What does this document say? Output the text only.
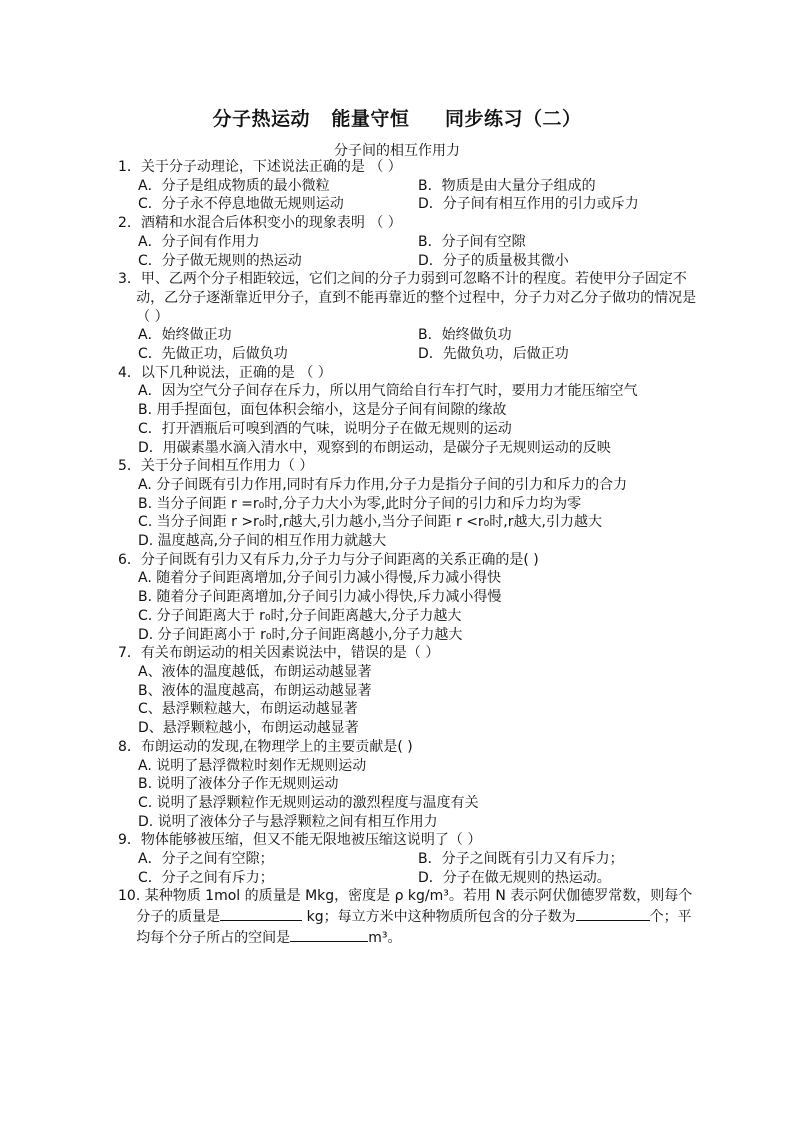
分子热运动   能量守恒     同步练习（二）
分子间的相互作用力
1．关于分子动理论，下述说法正确的是 （ ）
A．分子是组成物质的最小微粒	B．物质是由大量分子组成的
C．分子永不停息地做无规则运动	D．分子间有相互作用的引力或斥力
2．酒精和水混合后体积变小的现象表明 （ ）
A．分子间有作用力	B．分子间有空隙
C．分子做无规则的热运动	D．分子的质量极其微小
3．甲、乙两个分子相距较远，它们之间的分子力弱到可忽略不计的程度。若使甲分子固定不动，乙分子逐渐靠近甲分子，直到不能再靠近的整个过程中，分子力对乙分子做功的情况是 （ ）
A．始终做正功	B．始终做负功
C．先做正功，后做负功	D．先做负功，后做正功
4．以下几种说法，正确的是 （ ）
A．因为空气分子间存在斥力，所以用气筒给自行车打气时，要用力才能压缩空气
B. 用手捏面包，面包体积会缩小，这是分子间有间隙的缘故
C．打开酒瓶后可嗅到酒的气味，说明分子在做无规则的运动
D．用碳素墨水滴入清水中，观察到的布朗运动，是碳分子无规则运动的反映
5．关于分子间相互作用力（ ）
A. 分子间既有引力作用,同时有斥力作用,分子力是指分子间的引力和斥力的合力
B. 当分子间距 r =r₀时,分子力大小为零,此时分子间的引力和斥力均为零
C. 当分子间距 r >r₀时,r越大,引力越小,当分子间距 r <r₀时,r越大,引力越大
D. 温度越高,分子间的相互作用力就越大
6．分子间既有引力又有斥力,分子力与分子间距离的关系正确的是( )
A. 随着分子间距离增加,分子间引力减小得慢,斥力减小得快
B. 随着分子间距离增加,分子间引力减小得快,斥力减小得慢
C. 分子间距离大于 r₀时,分子间距离越大,分子力越大
D. 分子间距离小于 r₀时,分子间距离越小,分子力越大
7．有关布朗运动的相关因素说法中，错误的是（ ）
A、液体的温度越低，布朗运动越显著
B、液体的温度越高，布朗运动越显著
C、悬浮颗粒越大，布朗运动越显著
D、悬浮颗粒越小，布朗运动越显著
8．布朗运动的发现,在物理学上的主要贡献是( )
A. 说明了悬浮微粒时刻作无规则运动
B. 说明了液体分子作无规则运动
C. 说明了悬浮颗粒作无规则运动的激烈程度与温度有关
D. 说明了液体分子与悬浮颗粒之间有相互作用力
9．物体能够被压缩，但又不能无限地被压缩这说明了（ ）
A．分子之间有空隙；	B．分子之间既有引力又有斥力；
C．分子之间有斥力；	D．分子在做无规则的热运动。
10. 某种物质 1mol 的质量是 Mkg，密度是 ρ kg/m³。若用 N 表示阿伏伽德罗常数，则每个分子的质量是	kg；每立方米中这种物质所包含的分子数为	个；平均每个分子所占的空间是	m³。
